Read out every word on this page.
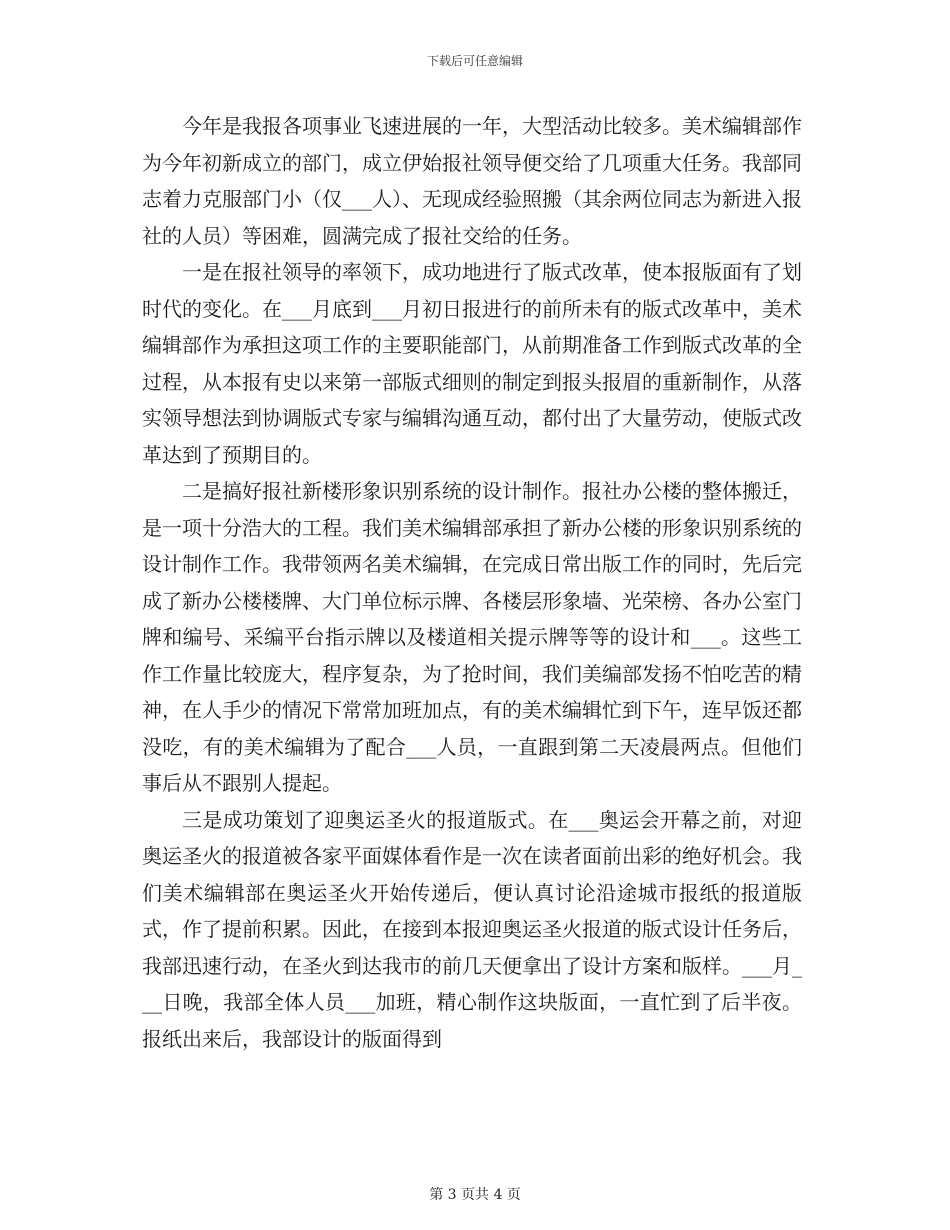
下载后可任意编辑

今年是我报各项事业飞速进展的一年，大型活动比较多。美术编辑部作为今年初新成立的部门，成立伊始报社领导便交给了几项重大任务。我部同志着力克服部门小（仅___人）、无现成经验照搬（其余两位同志为新进入报社的人员）等困难，圆满完成了报社交给的任务。

一是在报社领导的率领下，成功地进行了版式改革，使本报版面有了划时代的变化。在___月底到___月初日报进行的前所未有的版式改革中，美术编辑部作为承担这项工作的主要职能部门，从前期准备工作到版式改革的全过程，从本报有史以来第一部版式细则的制定到报头报眉的重新制作，从落实领导想法到协调版式专家与编辑沟通互动，都付出了大量劳动，使版式改革达到了预期目的。

二是搞好报社新楼形象识别系统的设计制作。报社办公楼的整体搬迁，是一项十分浩大的工程。我们美术编辑部承担了新办公楼的形象识别系统的设计制作工作。我带领两名美术编辑，在完成日常出版工作的同时，先后完成了新办公楼楼牌、大门单位标示牌、各楼层形象墙、光荣榜、各办公室门牌和编号、采编平台指示牌以及楼道相关提示牌等等的设计和___。这些工作工作量比较庞大，程序复杂，为了抢时间，我们美编部发扬不怕吃苦的精神，在人手少的情况下常常加班加点，有的美术编辑忙到下午，连早饭还都没吃，有的美术编辑为了配合___人员，一直跟到第二天凌晨两点。但他们事后从不跟别人提起。

三是成功策划了迎奥运圣火的报道版式。在___奥运会开幕之前，对迎奥运圣火的报道被各家平面媒体看作是一次在读者面前出彩的绝好机会。我们美术编辑部在奥运圣火开始传递后，便认真讨论沿途城市报纸的报道版式，作了提前积累。因此，在接到本报迎奥运圣火报道的版式设计任务后，我部迅速行动，在圣火到达我市的前几天便拿出了设计方案和版样。___月___日晚，我部全体人员___加班，精心制作这块版面，一直忙到了后半夜。报纸出来后，我部设计的版面得到

第 3 页共 4 页
